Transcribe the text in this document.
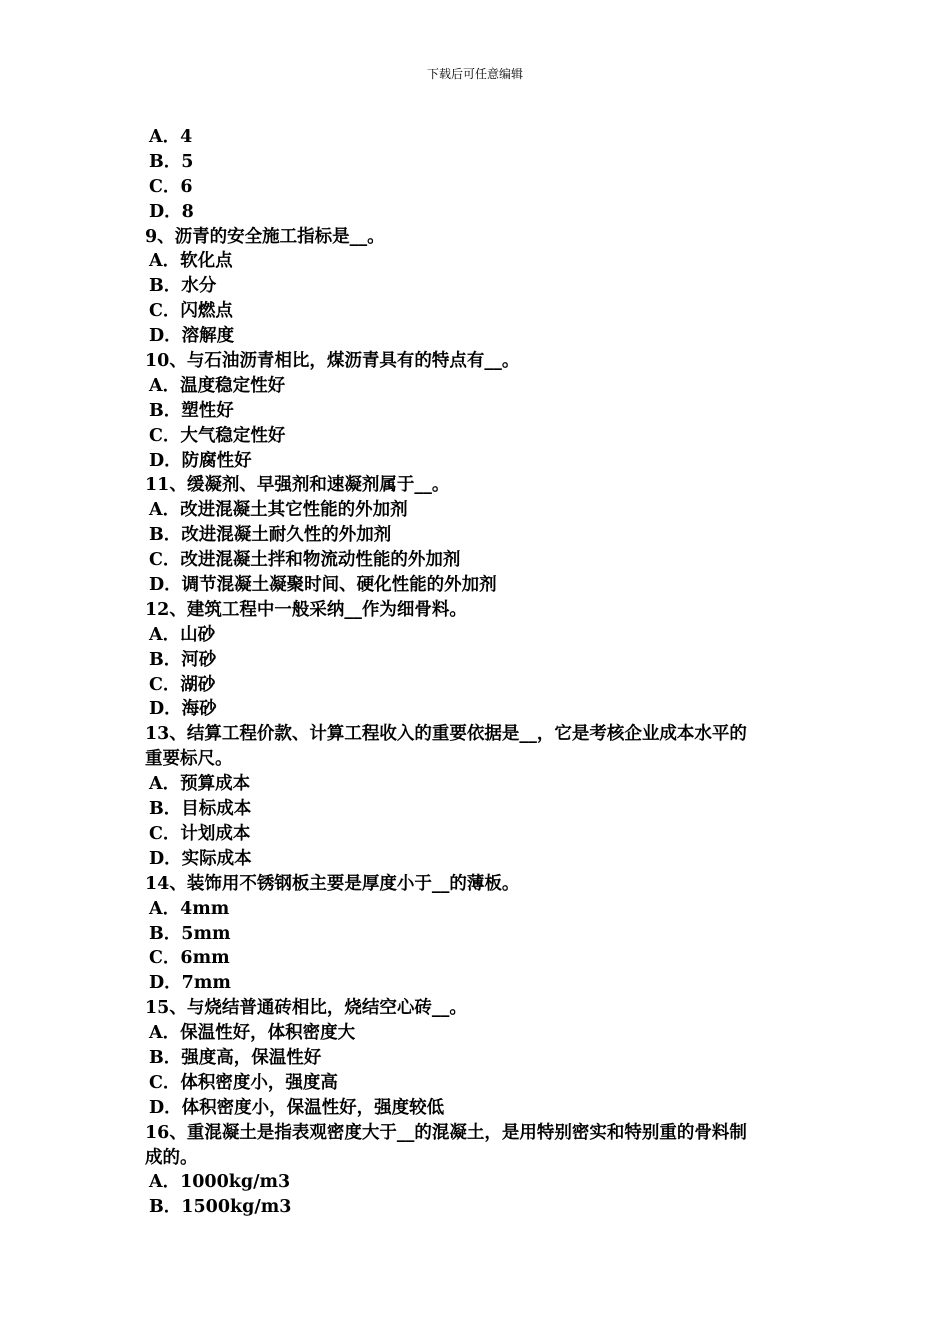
下载后可任意编辑
A．4
B．5
C．6
D．8
9、沥青的安全施工指标是__。
A．软化点
B．水分
C．闪燃点
D．溶解度
10、与石油沥青相比，煤沥青具有的特点有__。
A．温度稳定性好
B．塑性好
C．大气稳定性好
D．防腐性好
11、缓凝剂、早强剂和速凝剂属于__。
A．改进混凝土其它性能的外加剂
B．改进混凝土耐久性的外加剂
C．改进混凝土拌和物流动性能的外加剂
D．调节混凝土凝聚时间、硬化性能的外加剂
12、建筑工程中一般采纳__作为细骨料。
A．山砂
B．河砂
C．湖砂
D．海砂
13、结算工程价款、计算工程收入的重要依据是__，它是考核企业成本水平的
重要标尺。
A．预算成本
B．目标成本
C．计划成本
D．实际成本
14、装饰用不锈钢板主要是厚度小于__的薄板。
A．4mm
B．5mm
C．6mm
D．7mm
15、与烧结普通砖相比，烧结空心砖__。
A．保温性好，体积密度大
B．强度高，保温性好
C．体积密度小，强度高
D．体积密度小，保温性好，强度较低
16、重混凝土是指表观密度大于__的混凝土，是用特别密实和特别重的骨料制
成的。
A．1000kg/m3
B．1500kg/m3
